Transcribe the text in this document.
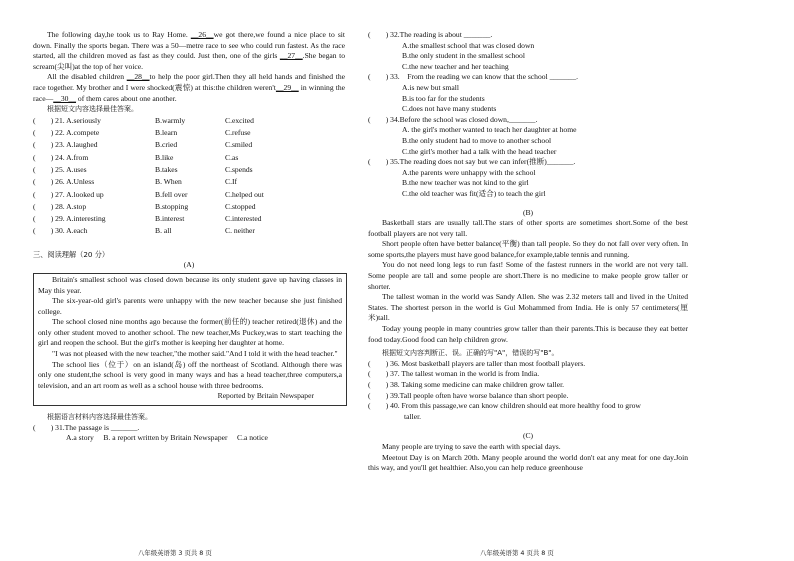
The following day,he took us to Ray Home. __26__we got there,we found a nice place to sit down. Finally the sports began. There was a 50—metre race to see who could run fastest. As the race started, all the children moved as fast as they could. Just then, one of the girls __27__.She began to scream(尖叫)at the top of her voice.

All the disabled children __28__to help the poor girl.Then they all held hands and finished the race together. My brother and I were shocked(震惊) at this:the children weren't__29__ in winning the race—__30__ of them cares about one another.

根据短文内容选择最佳答案。

(　　) 21. A.seriously	B.warmly	C.excited
(　　) 22. A.compete	B.learn	C.refuse
(　　) 23. A.laughed	B.cried	C.smiled
(　　) 24. A.from	B.like	C.as
(　　) 25. A.uses	B.takes	C.spends
(　　) 26. A.Unless	B. When	C.If
(　　) 27. A.looked up	B.fell over	C.helped out
(　　) 28. A.stop	B.stopping	C.stopped
(　　) 29. A.interesting	B.interest	C.interested
(　　) 30. A.each	B. all	C. neither

三、阅读理解（20 分）

(A)

Britain's smallest school was closed down because its only student gave up having classes in May this year.

The six-year-old girl's parents were unhappy with the new teacher because she just finished college.

The school closed nine months ago because the former(前任的) teacher retired(退休) and the only other student moved to another school. The new teacher,Ms Puckey,was to start teaching the girl and reopen the school. But the girl's mother is keeping her daughter at home.

"I was not pleased with the new teacher,"the mother said."And I told it with the head teacher."

The school lies（位于）on an island(岛) off the northeast of Scotland. Although there was only one student,the school is very good in many ways and has a head teacher,three computers,a television, and an art room as well as a school house with three bedrooms.

Reported by Britain Newspaper

根据语言材料内容选择最佳答案。

(　　) 31.The passage is _______.

A.a story　 B. a report written by Britain Newspaper　 C.a notice

八年级英语第 3 页共 8 页

(　　) 32.The reading is about _______.

A.the smallest school that was closed down

B.the only student in the smallest school

C.the new teacher and her teaching

(　　) 33.　From the reading we can know that the school _______.

A.is new but small

B.is too far for the students

C.does not have many students

(　　) 34.Before the school was closed down,_______.

A. the girl's mother wanted to teach her daughter at home

B.the only student had to move to another school

C.the girl's mother had a talk with the head teacher

(　　) 35.The reading does not say but we can infer(推断)_______.

A.the parents were unhappy with the school

B.the new teacher was not kind to the girl

C.the old teacher was fit(适合) to teach the girl

(B)

Basketball stars are usually tall.The stars of other sports are sometimes short.Some of the best football players are not very tall.

Short people often have better balance(平衡) than tall people. So they do not fall over very often. In some sports,the players must have good balance,for example,table tennis and running.

You do not need long legs to run fast! Some of the fastest runners in the world are not very tall. Some people are tall and some people are short.There is no medicine to make people grow taller or shorter.

The tallest woman in the world was Sandy Allen. She was 2.32 meters tall and lived in the United States. The shortest person in the world is Gul Mohammed from India. He is only 57 centimeters(厘米)tall.

Today young people in many countries grow taller than their parents.This is because they eat better food today.Good food can help children grow.

根据短文内容判断正、误。正确的写"A"，错误的写"B"。

(　　) 36. Most basketball players are taller than most football players.

(　　) 37. The tallest woman in the world is from India.

(　　) 38. Taking some medicine can make children grow taller.

(　　) 39.Tall people often have worse balance than short people.

(　　) 40. From this passage,we can know children should eat more healthy food to grow

taller.

(C)

Many people are trying to save the earth with special days.

Meetout Day is on March 20th. Many people around the world don't eat any meat for one day.Join this way, and you'll get healthier. Also,you can help reduce greenhouse

八年级英语第 4 页共 8 页
